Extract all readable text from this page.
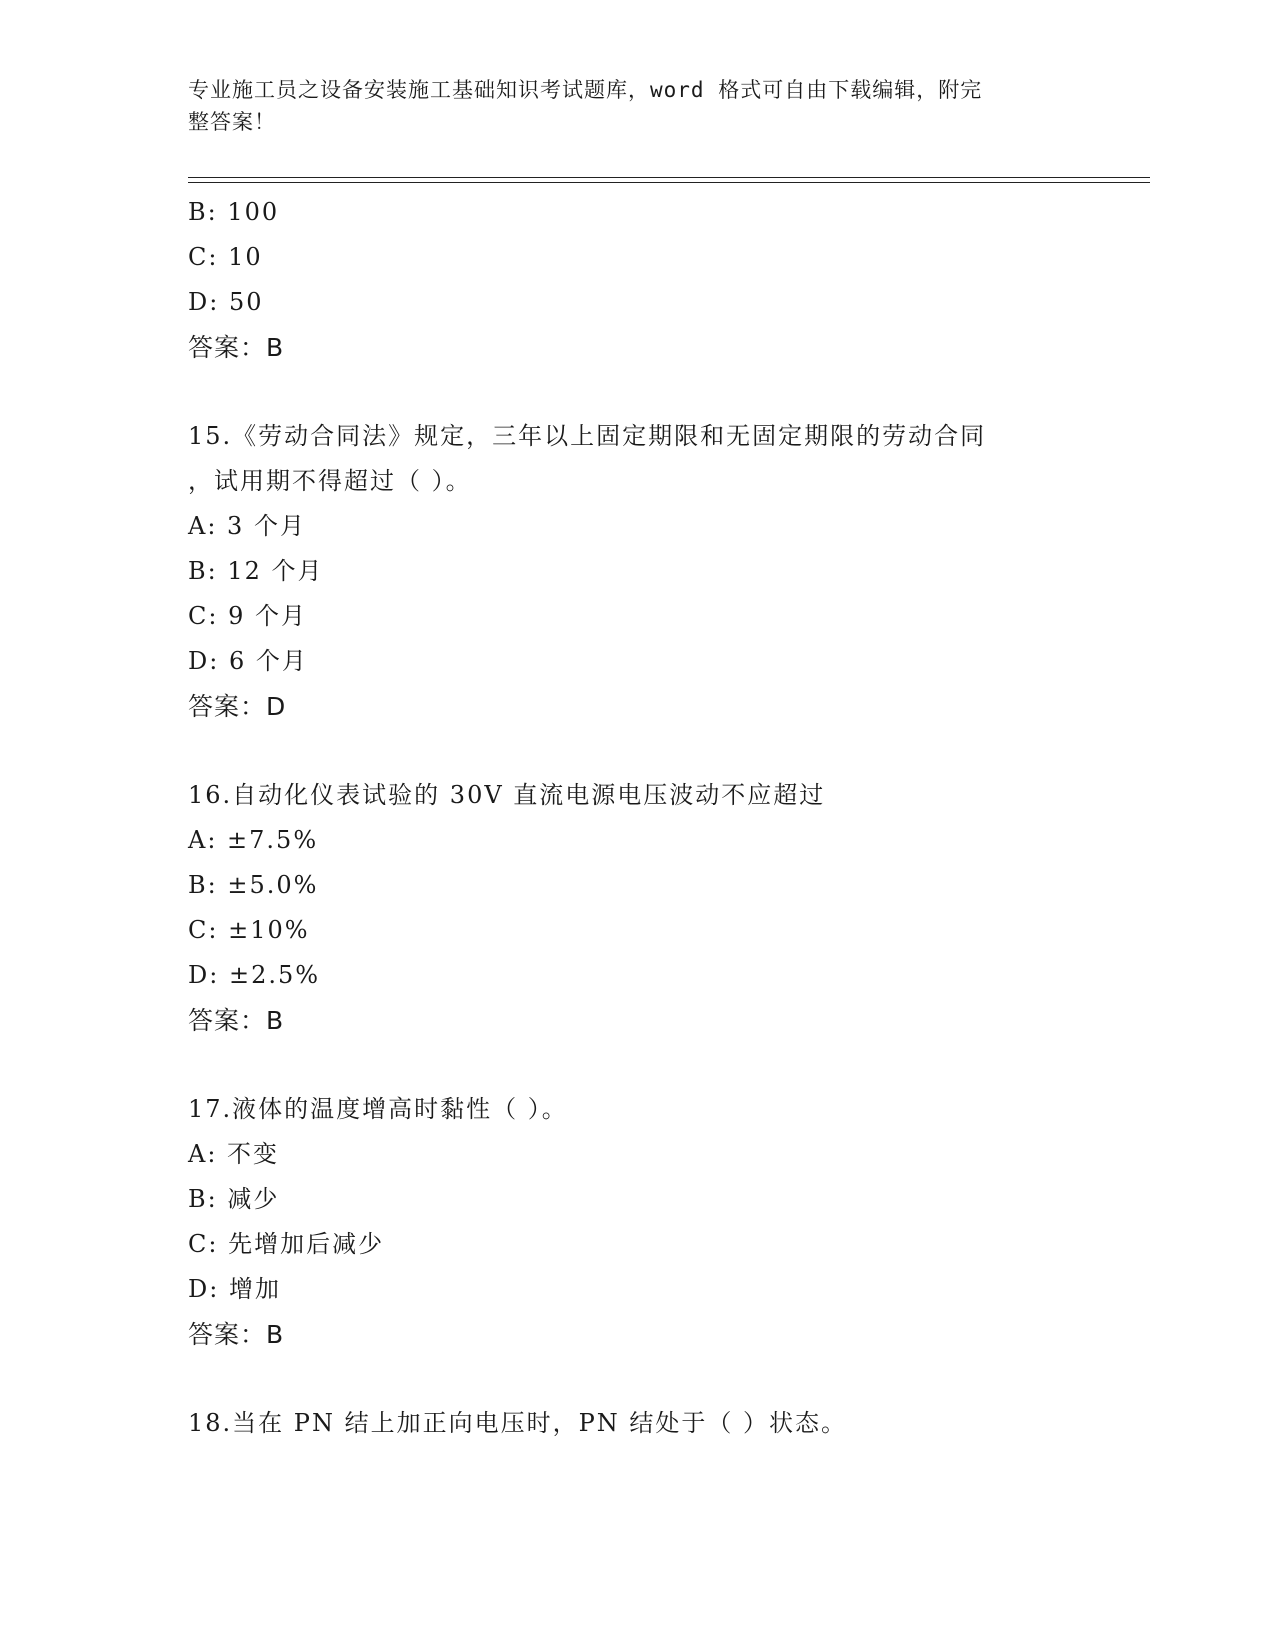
专业施工员之设备安装施工基础知识考试题库，word 格式可自由下载编辑，附完
整答案！
B: 100
C: 10
D: 50
答案：B
15.《劳动合同法》规定，三年以上固定期限和无固定期限的劳动合同
，试用期不得超过（ ）。
A: 3 个月
B: 12 个月
C: 9 个月
D: 6 个月
答案：D
16.自动化仪表试验的 30V 直流电源电压波动不应超过
A: ±7.5%
B: ±5.0%
C: ±10%
D: ±2.5%
答案：B
17.液体的温度增高时黏性（ ）。
A: 不变
B: 减少
C: 先增加后减少
D: 增加
答案：B
18.当在 PN 结上加正向电压时，PN 结处于（ ）状态。
